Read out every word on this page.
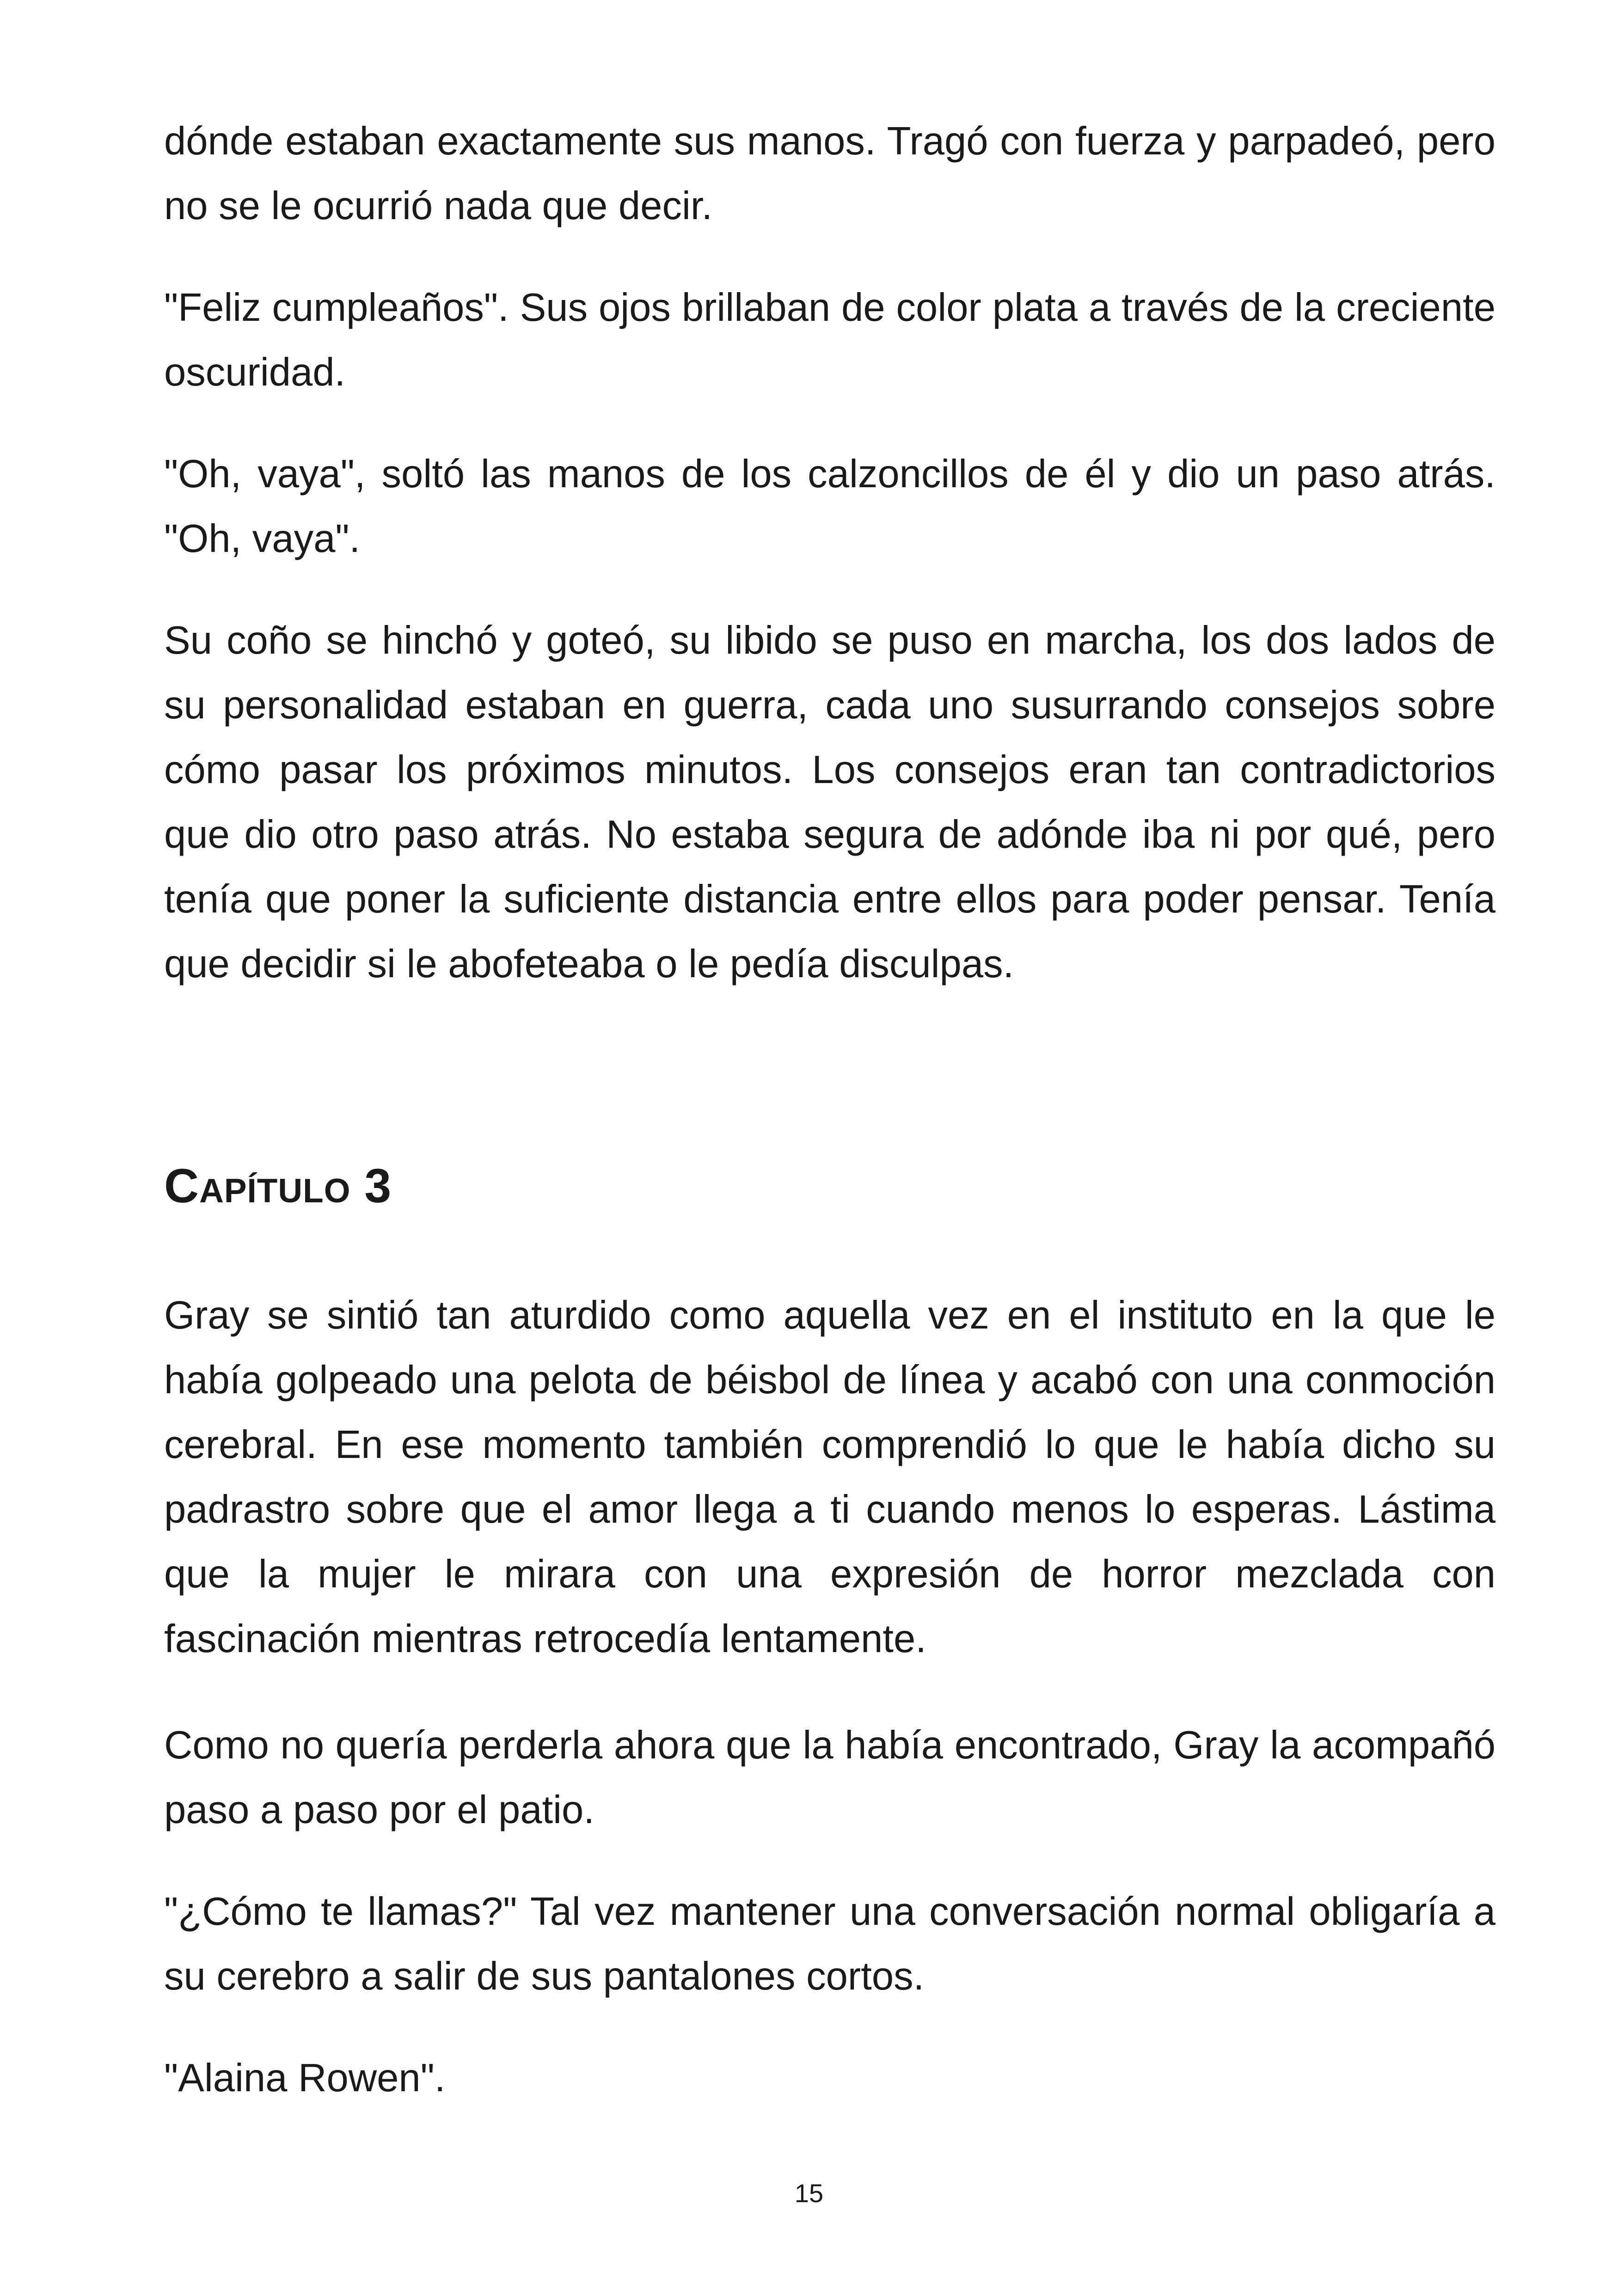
dónde estaban exactamente sus manos. Tragó con fuerza y parpadeó, pero no se le ocurrió nada que decir.

"Feliz cumpleaños". Sus ojos brillaban de color plata a través de la creciente oscuridad.

"Oh, vaya", soltó las manos de los calzoncillos de él y dio un paso atrás. "Oh, vaya".

Su coño se hinchó y goteó, su libido se puso en marcha, los dos lados de su personalidad estaban en guerra, cada uno susurrando consejos sobre cómo pasar los próximos minutos. Los consejos eran tan contradictorios que dio otro paso atrás. No estaba segura de adónde iba ni por qué, pero tenía que poner la suficiente distancia entre ellos para poder pensar. Tenía que decidir si le abofeteaba o le pedía disculpas.

Capítulo 3

Gray se sintió tan aturdido como aquella vez en el instituto en la que le había golpeado una pelota de béisbol de línea y acabó con una conmoción cerebral. En ese momento también comprendió lo que le había dicho su padrastro sobre que el amor llega a ti cuando menos lo esperas. Lástima que la mujer le mirara con una expresión de horror mezclada con fascinación mientras retrocedía lentamente.

Como no quería perderla ahora que la había encontrado, Gray la acompañó paso a paso por el patio.

"¿Cómo te llamas?" Tal vez mantener una conversación normal obligaría a su cerebro a salir de sus pantalones cortos.

"Alaina Rowen".

15
